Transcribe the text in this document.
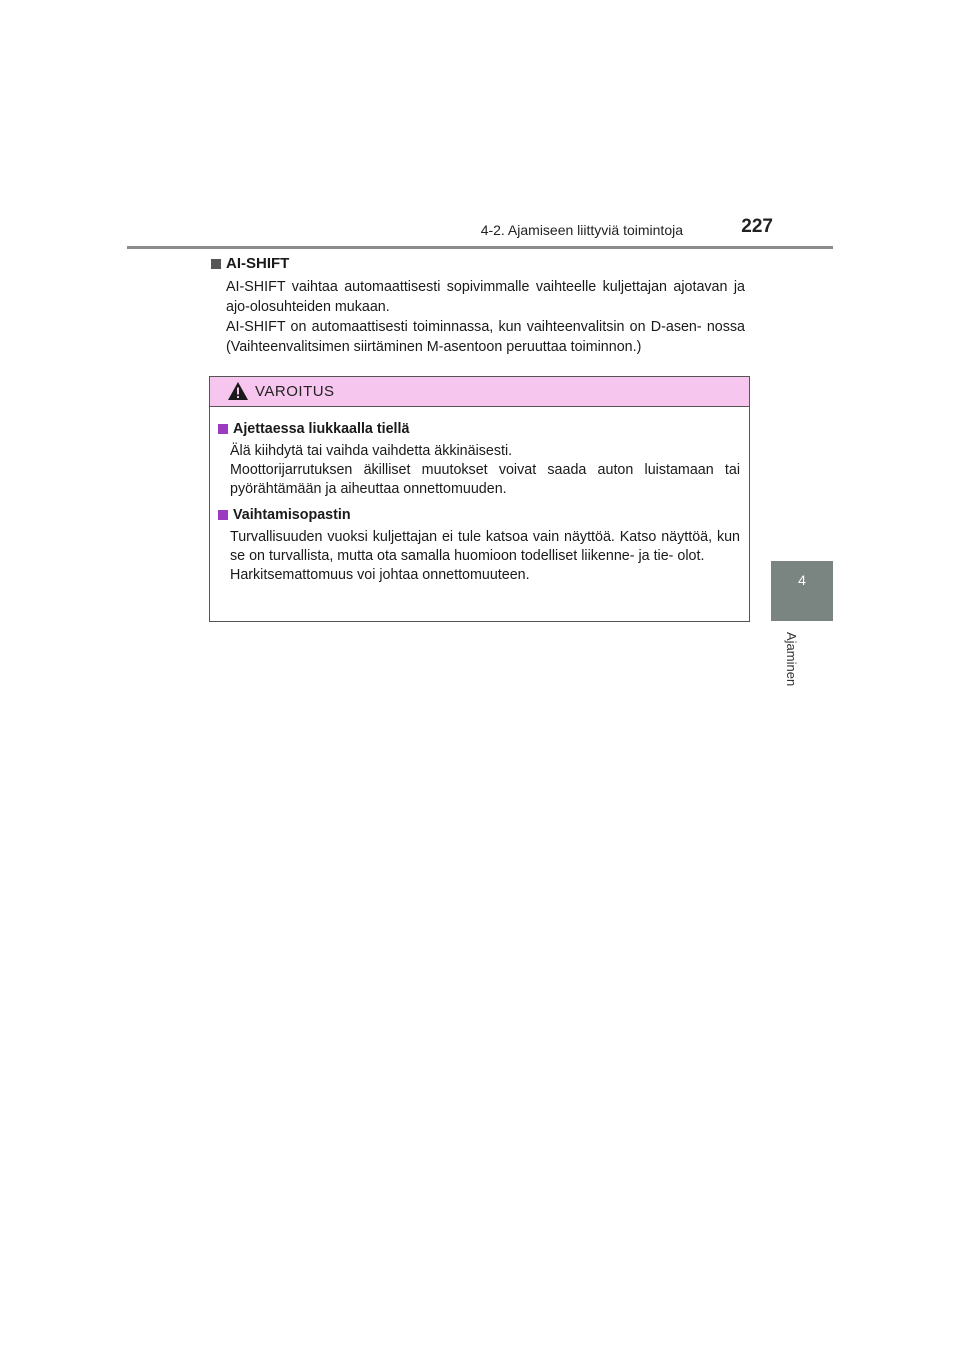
4-2. Ajamiseen liittyviä toimintoja	227
4
Ajaminen
AI-SHIFT

AI-SHIFT vaihtaa automaattisesti sopivimmalle vaihteelle kuljettajan ajotavan ja ajo-olosuhteiden mukaan.

AI-SHIFT on automaattisesti toiminnassa, kun vaihteenvalitsin on D-asen- nossa (Vaihteenvalitsimen siirtäminen M-asentoon peruuttaa toiminnon.)

VAROITUS
Ajettaessa liukkaalla tiellä

Älä kiihdytä tai vaihda vaihdetta äkkinäisesti.

Moottorijarrutuksen äkilliset muutokset voivat saada auton luistamaan tai pyörähtämään ja aiheuttaa onnettomuuden.

Vaihtamisopastin

Turvallisuuden vuoksi kuljettajan ei tule katsoa vain näyttöä. Katso näyttöä, kun se on turvallista, mutta ota samalla huomioon todelliset liikenne- ja tie- olot.

Harkitsemattomuus voi johtaa onnettomuuteen.
